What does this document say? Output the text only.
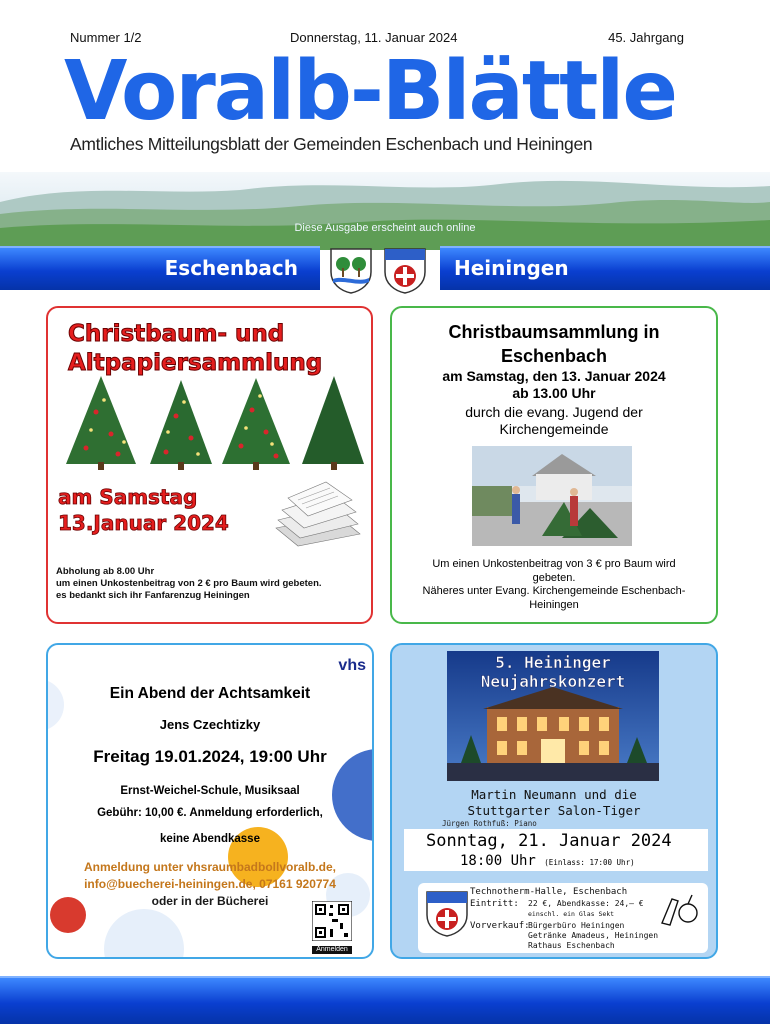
Nummer 1/2	Donnerstag, 11. Januar 2024	45. Jahrgang
Voralb-Blättle
Amtliches Mitteilungsblatt der Gemeinden Eschenbach und Heiningen
Diese Ausgabe erscheint auch online
Eschenbach	Heiningen
Christbaum- und
Altpapiersammlung
am Samstag
13.Januar 2024
Abholung ab 8.00 Uhr
um einen Unkostenbeitrag von 2 € pro Baum wird gebeten.
es bedankt sich ihr Fanfarenzug Heiningen
Christbaumsammlung in Eschenbach
am Samstag, den 13. Januar 2024
ab 13.00 Uhr
durch die evang. Jugend der
Kirchengemeinde
Um einen Unkostenbeitrag von 3 € pro Baum wird
gebeten.
Näheres unter Evang. Kirchengemeinde Eschenbach-
Heiningen
vhs
Ein Abend der Achtsamkeit
Jens Czechtizky
Freitag 19.01.2024, 19:00 Uhr
Ernst-Weichel-Schule, Musiksaal
Gebühr: 10,00 €. Anmeldung erforderlich,
keine Abendkasse
Anmeldung unter vhsraumbadbollvoralb.de,
info@buecherei-heiningen.de, 07161 920774
oder in der Bücherei
Anmelden
5. Heininger
Neujahrskonzert
Martin Neumann und die
Stuttgarter Salon-Tiger
Jürgen Rothfuß: Piano
Sonntag, 21. Januar 2024
18:00 Uhr (Einlass: 17:00 Uhr)
Technotherm-Halle, Eschenbach
Eintritt: 22 €, Abendkasse: 24,– €
einschl. ein Glas Sekt
Vorverkauf:
Bürgerbüro Heiningen
Getränke Amadeus, Heiningen
Rathaus Eschenbach
